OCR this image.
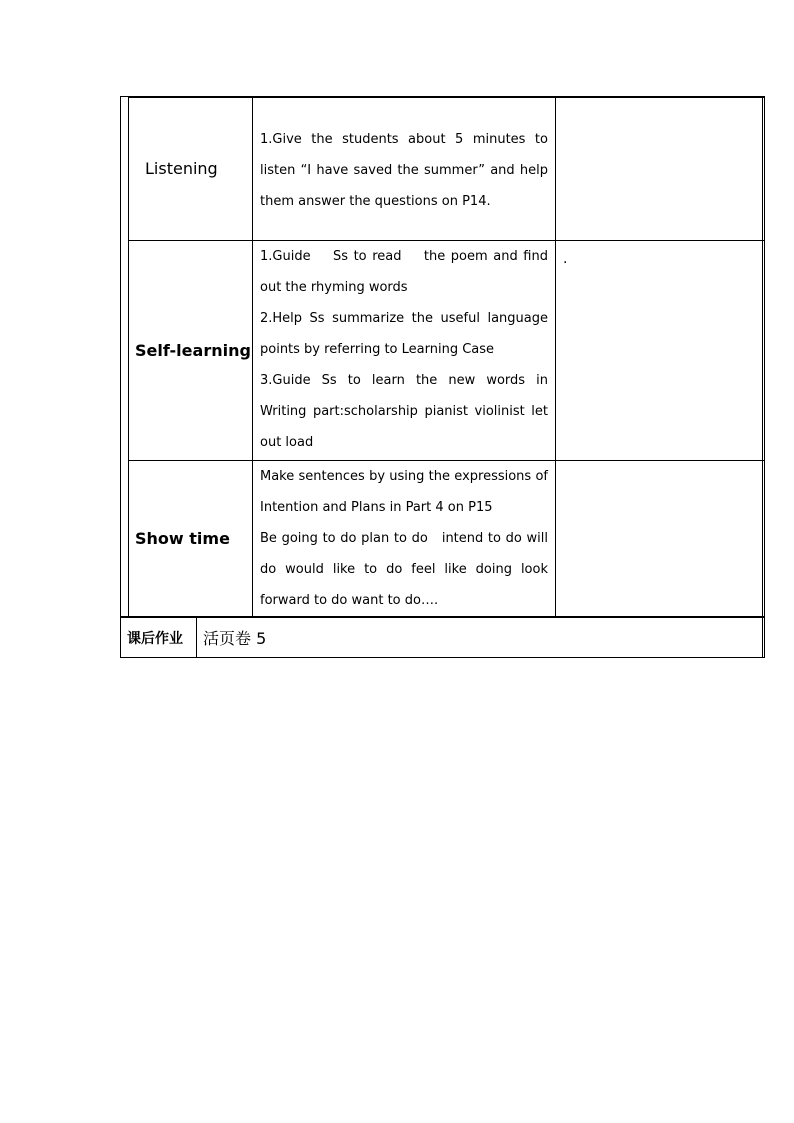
Listening	1.Give the students about 5 minutes to listen “I have saved the summer” and help them answer the questions on P14.	

Self-learning	1.Guide    Ss to read    the poem and find out the rhyming words

2.Help Ss summarize the useful language points by referring to Learning Case

3.Guide Ss to learn the new words in Writing part:scholarship pianist violinist let out load	.
Show time	Make sentences by using the expressions of Intention and Plans in Part 4 on P15

Be going to do plan to do   intend to do will do would like to do feel like doing look forward to do want to do….	

课后作业	活页卷 5
